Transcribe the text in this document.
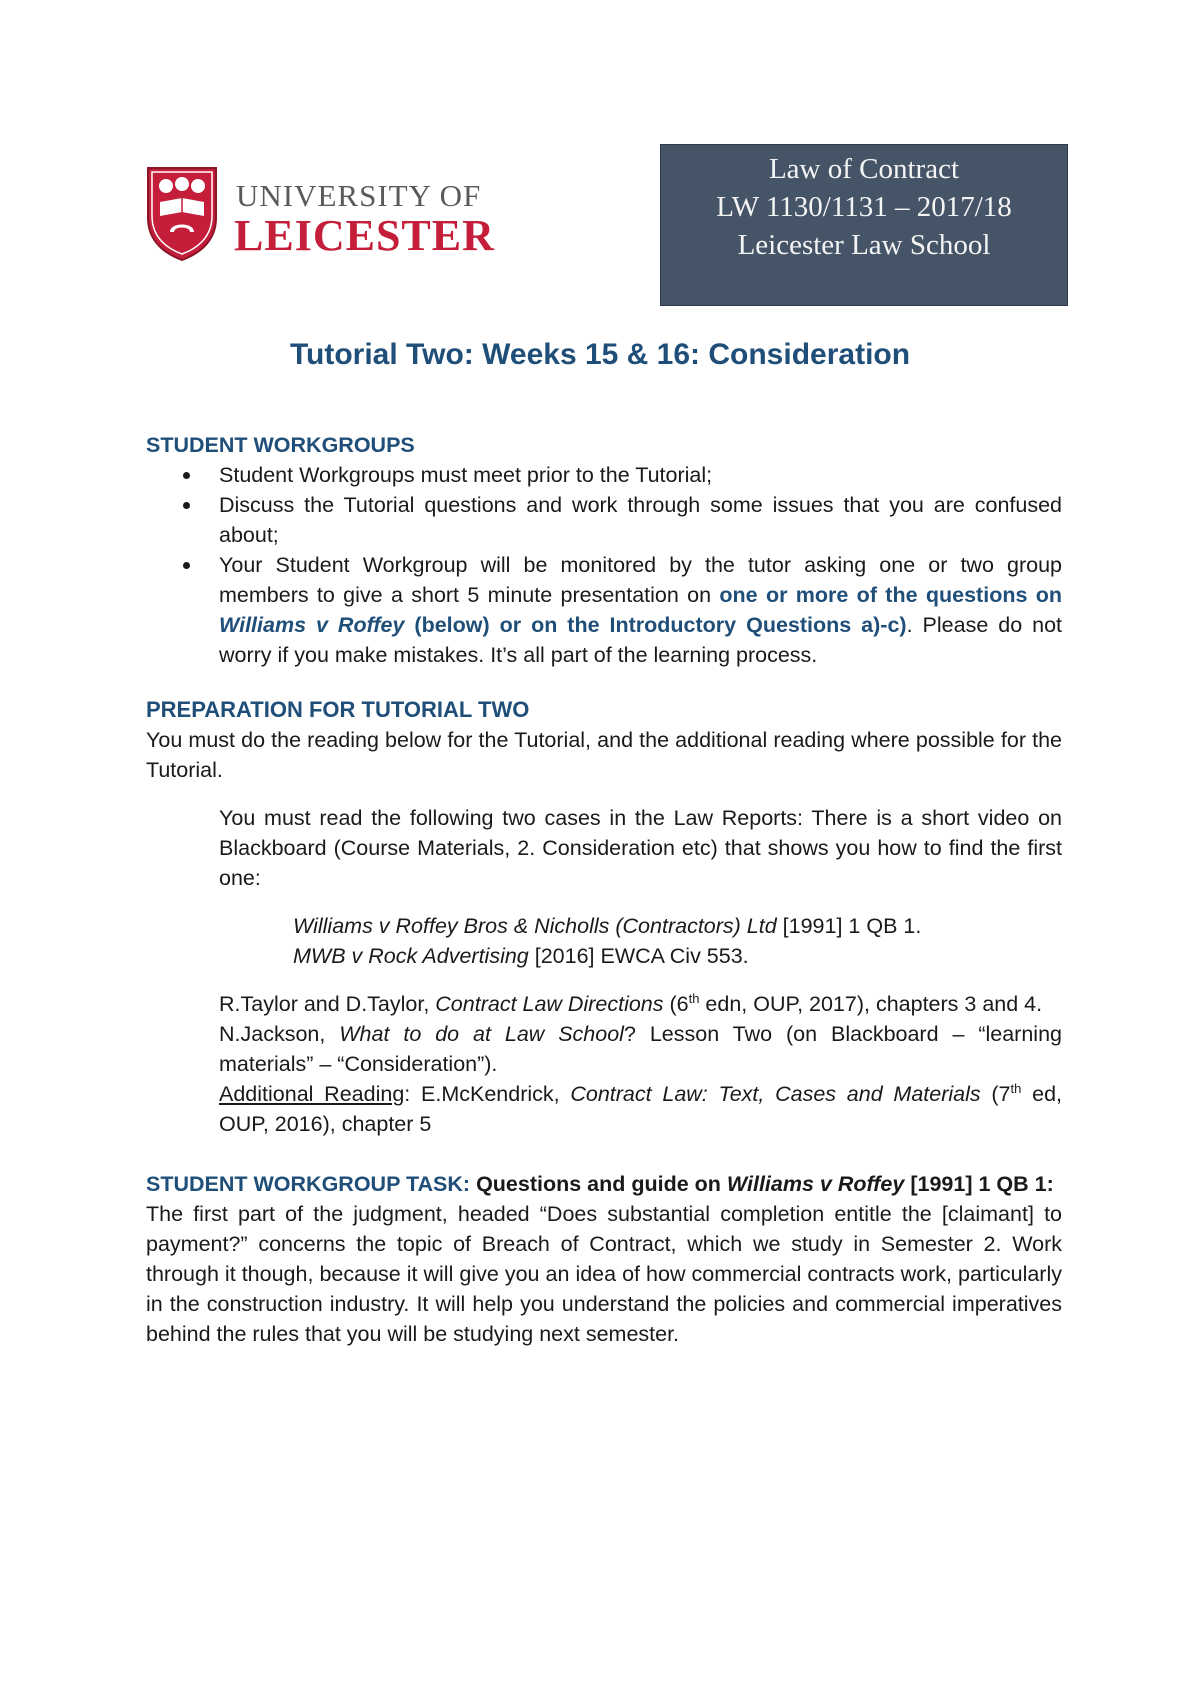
UNIVERSITY OF
LEICESTER
Law of Contract
LW 1130/1131 – 2017/18
Leicester Law School
Tutorial Two: Weeks 15 & 16: Consideration
STUDENT WORKGROUPS
Student Workgroups must meet prior to the Tutorial;
Discuss the Tutorial questions and work through some issues that you are confused about;
Your Student Workgroup will be monitored by the tutor asking one or two group members to give a short 5 minute presentation on one or more of the questions on Williams v Roffey (below) or on the Introductory Questions a)-c). Please do not worry if you make mistakes. It’s all part of the learning process.
PREPARATION FOR TUTORIAL TWO

You must do the reading below for the Tutorial, and the additional reading where possible for the Tutorial.

You must read the following two cases in the Law Reports: There is a short video on Blackboard (Course Materials, 2. Consideration etc) that shows you how to find the first one:

Williams v Roffey Bros & Nicholls (Contractors) Ltd [1991] 1 QB 1.
MWB v Rock Advertising [2016] EWCA Civ 553.

R.Taylor and D.Taylor, Contract Law Directions (6th edn, OUP, 2017), chapters 3 and 4.

N.Jackson, What to do at Law School? Lesson Two (on Blackboard – “learning materials” – “Consideration”).

Additional Reading: E.McKendrick, Contract Law: Text, Cases and Materials (7th ed, OUP, 2016), chapter 5

STUDENT WORKGROUP TASK: Questions and guide on Williams v Roffey [1991] 1 QB 1:

The first part of the judgment, headed “Does substantial completion entitle the [claimant] to payment?” concerns the topic of Breach of Contract, which we study in Semester 2. Work through it though, because it will give you an idea of how commercial contracts work, particularly in the construction industry. It will help you understand the policies and commercial imperatives behind the rules that you will be studying next semester.
